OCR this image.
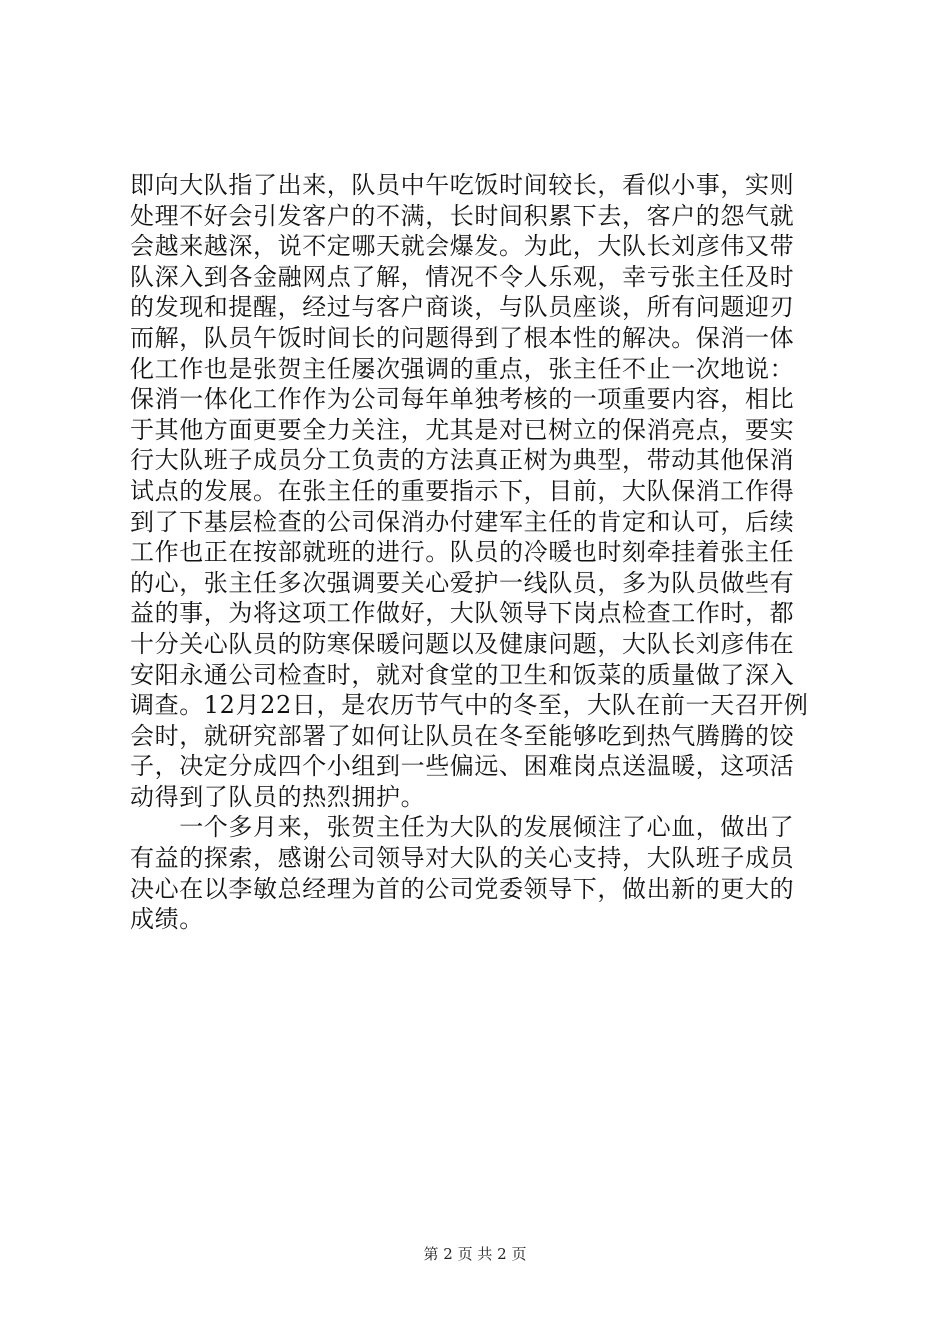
即向大队指了出来，队员中午吃饭时间较长，看似小事，实则
处理不好会引发客户的不满，长时间积累下去，客户的怨气就
会越来越深，说不定哪天就会爆发。为此，大队长刘彦伟又带
队深入到各金融网点了解，情况不令人乐观，幸亏张主任及时
的发现和提醒，经过与客户商谈，与队员座谈，所有问题迎刃
而解，队员午饭时间长的问题得到了根本性的解决。保消一体
化工作也是张贺主任屡次强调的重点，张主任不止一次地说：
保消一体化工作作为公司每年单独考核的一项重要内容，相比
于其他方面更要全力关注，尤其是对已树立的保消亮点，要实
行大队班子成员分工负责的方法真正树为典型，带动其他保消
试点的发展。在张主任的重要指示下，目前，大队保消工作得
到了下基层检查的公司保消办付建军主任的肯定和认可，后续
工作也正在按部就班的进行。队员的冷暖也时刻牵挂着张主任
的心，张主任多次强调要关心爱护一线队员，多为队员做些有
益的事，为将这项工作做好，大队领导下岗点检查工作时，都
十分关心队员的防寒保暖问题以及健康问题，大队长刘彦伟在
安阳永通公司检查时，就对食堂的卫生和饭菜的质量做了深入
调查。12月22日，是农历节气中的冬至，大队在前一天召开例
会时，就研究部署了如何让队员在冬至能够吃到热气腾腾的饺
子，决定分成四个小组到一些偏远、困难岗点送温暖，这项活
动得到了队员的热烈拥护。
　　一个多月来，张贺主任为大队的发展倾注了心血，做出了
有益的探索，感谢公司领导对大队的关心支持，大队班子成员
决心在以李敏总经理为首的公司党委领导下，做出新的更大的
成绩。
第 2 页 共 2 页
